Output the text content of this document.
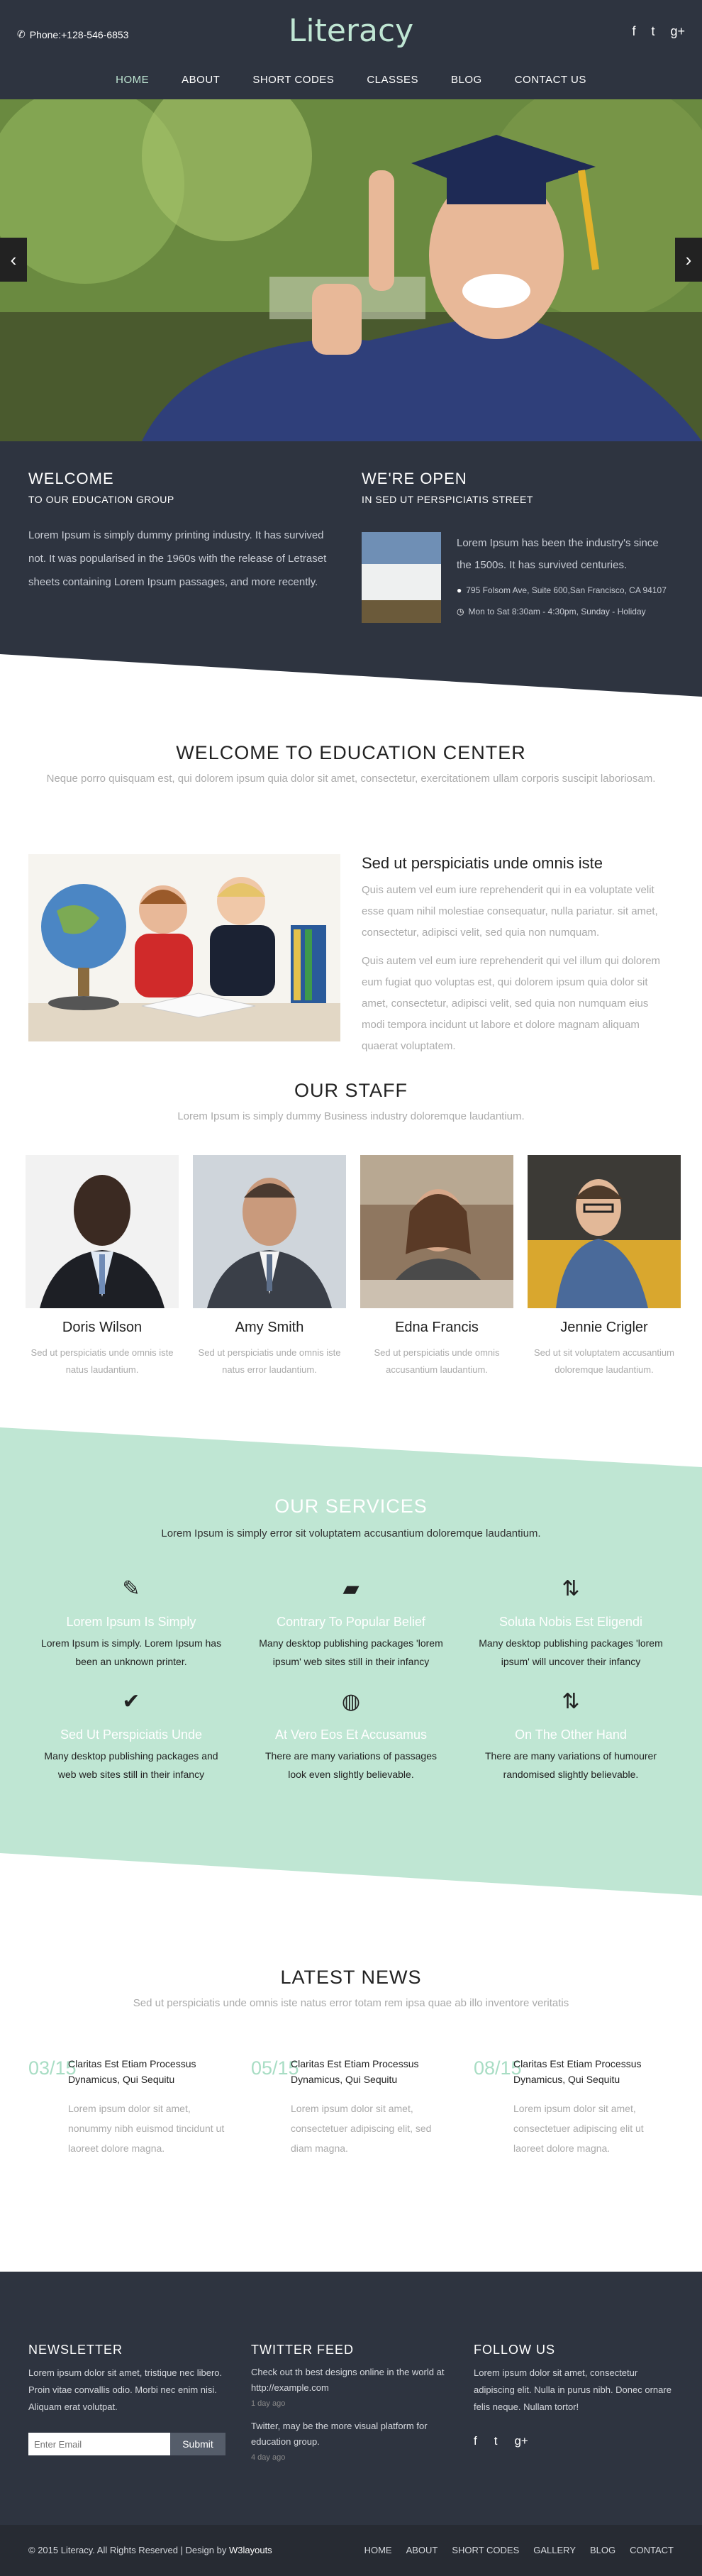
✆ Phone:+128-546-6853	Literacy	f t g+
HOME	ABOUT	SHORT CODES	CLASSES	BLOG	CONTACT US
‹	›
WELCOME
TO OUR EDUCATION GROUP

Lorem Ipsum is simply dummy printing industry. It has survived not. It was popularised in the 1960s with the release of Letraset sheets containing Lorem Ipsum passages, and more recently.

WE'RE OPEN
IN SED UT PERSPICIATIS STREET
Lorem Ipsum has been the industry's since the 1500s. It has survived centuries.
● 795 Folsom Ave, Suite 600,San Francisco, CA 94107
◷ Mon to Sat 8:30am - 4:30pm, Sunday - Holiday
WELCOME TO EDUCATION CENTER
Neque porro quisquam est, qui dolorem ipsum quia dolor sit amet, consectetur, exercitationem ullam corporis suscipit laboriosam.
Sed ut perspiciatis unde omnis iste

Quis autem vel eum iure reprehenderit qui in ea voluptate velit esse quam nihil molestiae consequatur, nulla pariatur. sit amet, consectetur, adipisci velit, sed quia non numquam.

Quis autem vel eum iure reprehenderit qui vel illum qui dolorem eum fugiat quo voluptas est, qui dolorem ipsum quia dolor sit amet, consectetur, adipisci velit, sed quia non numquam eius modi tempora incidunt ut labore et dolore magnam aliquam quaerat voluptatem.

OUR STAFF
Lorem Ipsum is simply dummy Business industry doloremque laudantium.
Doris Wilson
Sed ut perspiciatis unde omnis iste natus laudantium.
Amy Smith
Sed ut perspiciatis unde omnis iste natus error laudantium.
Edna Francis
Sed ut perspiciatis unde omnis accusantium laudantium.
Jennie Crigler
Sed ut sit voluptatem accusantium doloremque laudantium.
OUR SERVICES
Lorem Ipsum is simply error sit voluptatem accusantium doloremque laudantium.
✎
Lorem Ipsum Is Simply
Lorem Ipsum is simply. Lorem Ipsum has been an unknown printer.
▰
Contrary To Popular Belief
Many desktop publishing packages 'lorem ipsum' web sites still in their infancy
⇅
Soluta Nobis Est Eligendi
Many desktop publishing packages 'lorem ipsum' will uncover their infancy
✔
Sed Ut Perspiciatis Unde
Many desktop publishing packages and web web sites still in their infancy
◍
At Vero Eos Et Accusamus
There are many variations of passages look even slightly believable.
⇅
On The Other Hand
There are many variations of humourer randomised slightly believable.
LATEST NEWS
Sed ut perspiciatis unde omnis iste natus error totam rem ipsa quae ab illo inventore veritatis
03/15
Claritas Est Etiam Processus Dynamicus, Qui Sequitu
Lorem ipsum dolor sit amet, nonummy nibh euismod tincidunt ut laoreet dolore magna.
05/15
Claritas Est Etiam Processus Dynamicus, Qui Sequitu
Lorem ipsum dolor sit amet, consectetuer adipiscing elit, sed diam magna.
08/15
Claritas Est Etiam Processus Dynamicus, Qui Sequitu
Lorem ipsum dolor sit amet, consectetuer adipiscing elit ut laoreet dolore magna.
NEWSLETTER

Lorem ipsum dolor sit amet, tristique nec libero. Proin vitae convallis odio. Morbi nec enim nisi. Aliquam erat volutpat.

Enter Email
Submit
TWITTER FEED
Check out th best designs online in the world at http://example.com
1 day ago
Twitter, may be the more visual platform for education group.
4 day ago
FOLLOW US

Lorem ipsum dolor sit amet, consectetur adipiscing elit. Nulla in purus nibh. Donec ornare felis neque. Nullam tortor!

f t g+
© 2015 Literacy. All Rights Reserved | Design by W3layouts	HOME ABOUT SHORT CODES GALLERY BLOG CONTACT
